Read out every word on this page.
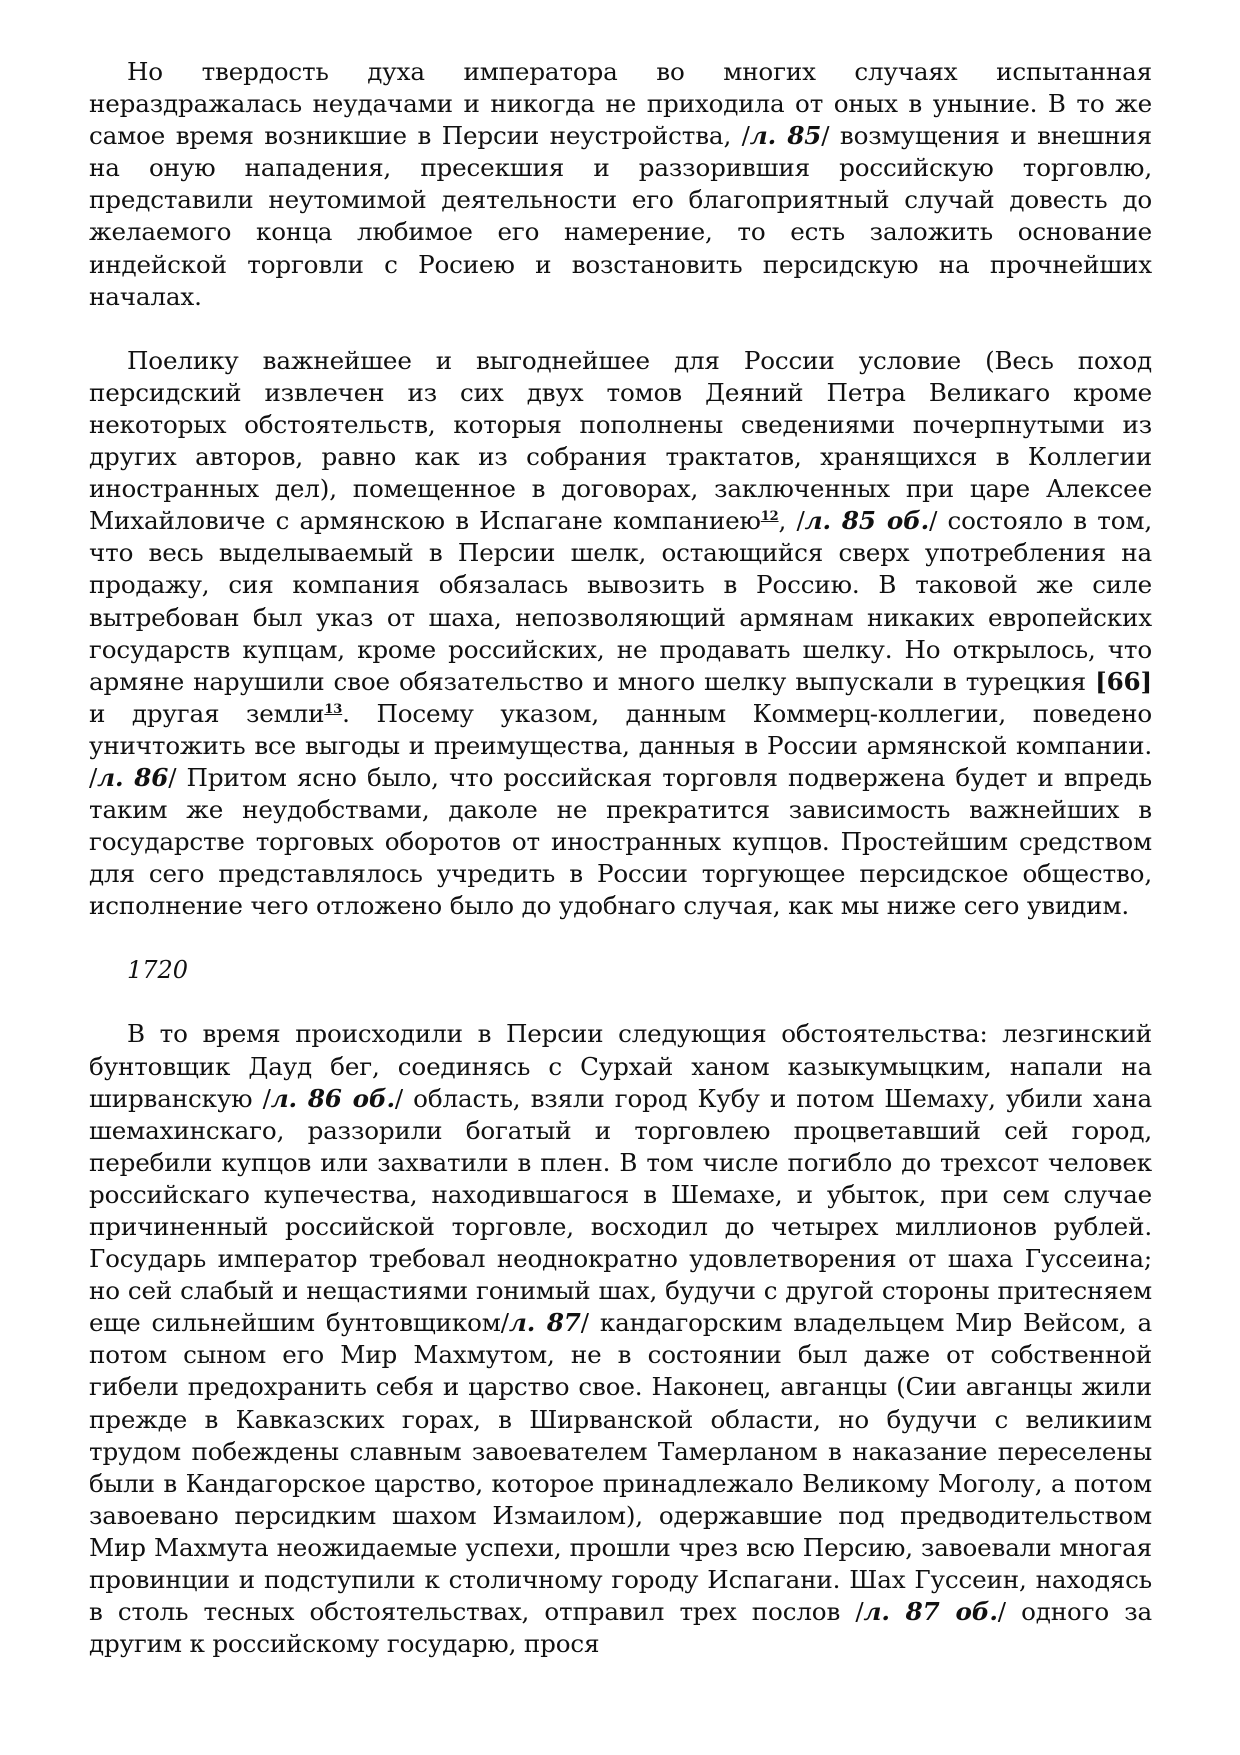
Но твердость духа императора во многих случаях испытанная нераздражалась неудачами и никогда не приходила от оных в уныние. В то же самое время возникшие в Персии неустройства, /л. 85/ возмущения и внешния на оную нападения, пресекшия и раззорившия российскую торговлю, представили неутомимой деятельности его благоприятный случай довесть до желаемого конца любимое его намерение, то есть заложить основание индейской торговли с Росиею и возстановить персидскую на прочнейших началах.

Поелику важнейшее и выгоднейшее для России условие (Весь поход персидский извлечен из сих двух томов Деяний Петра Великаго кроме некоторых обстоятельств, которыя пополнены сведениями почерпнутыми из других авторов, равно как из собрания трактатов, хранящихся в Коллегии иностранных дел), помещенное в договорах, заключенных при царе Алексее Михайловиче с армянскою в Испагане компаниею$^{12}$, /л. 85 об./ состояло в том, что весь выделываемый в Персии шелк, остающийся сверх употребления на продажу, сия компания обязалась вывозить в Россию. В таковой же силе вытребован был указ от шаха, непозволяющий армянам никаких европейских государств купцам, кроме российских, не продавать шелку. Но открылось, что армяне нарушили свое обязательство и много шелку выпускали в турецкия [66] и другая земли$^{13}$. Посему указом, данным Коммерц-коллегии, поведено уничтожить все выгоды и преимущества, данныя в России армянской компании. /л. 86/ Притом ясно было, что российская торговля подвержена будет и впредь таким же неудобствами, даколе не прекратится зависимость важнейших в государстве торговых оборотов от иностранных купцов. Простейшим средством для сего представлялось учредить в России торгующее персидское общество, исполнение чего отложено было до удобнаго случая, как мы ниже сего увидим.

1720

В то время происходили в Персии следующия обстоятельства: лезгинский бунтовщик Дауд бег, соединясь с Сурхай ханом казыкумыцким, напали на ширванскую /л. 86 об./ область, взяли город Кубу и потом Шемаху, убили хана шемахинскаго, раззорили богатый и торговлею процветавший сей город, перебили купцов или захватили в плен. В том числе погибло до трехсот человек российскаго купечества, находившагося в Шемахе, и убыток, при сем случае причиненный российской торговле, восходил до четырех миллионов рублей. Государь император требовал неоднократно удовлетворения от шаха Гуссеина; но сей слабый и нещастиями гонимый шах, будучи с другой стороны притесняем еще сильнейшим бунтовщиком/л. 87/ кандагорским владельцем Мир Вейсом, а потом сыном его Мир Махмутом, не в состоянии был даже от собственной гибели предохранить себя и царство свое. Наконец, авганцы (Сии авганцы жили прежде в Кавказских горах, в Ширванской области, но будучи с великиим трудом побеждены славным завоевателем Тамерланом в наказание переселены были в Кандагорское царство, которое принадлежало Великому Моголу, а потом завоевано персидким шахом Измаилом), одержавшие под предводительством Мир Махмута неожидаемые успехи, прошли чрез всю Персию, завоевали многая провинции и подступили к столичному городу Испагани. Шах Гуссеин, находясь в столь тесных обстоятельствах, отправил трех послов /л. 87 об./ одного за другим к российскому государю, прося
